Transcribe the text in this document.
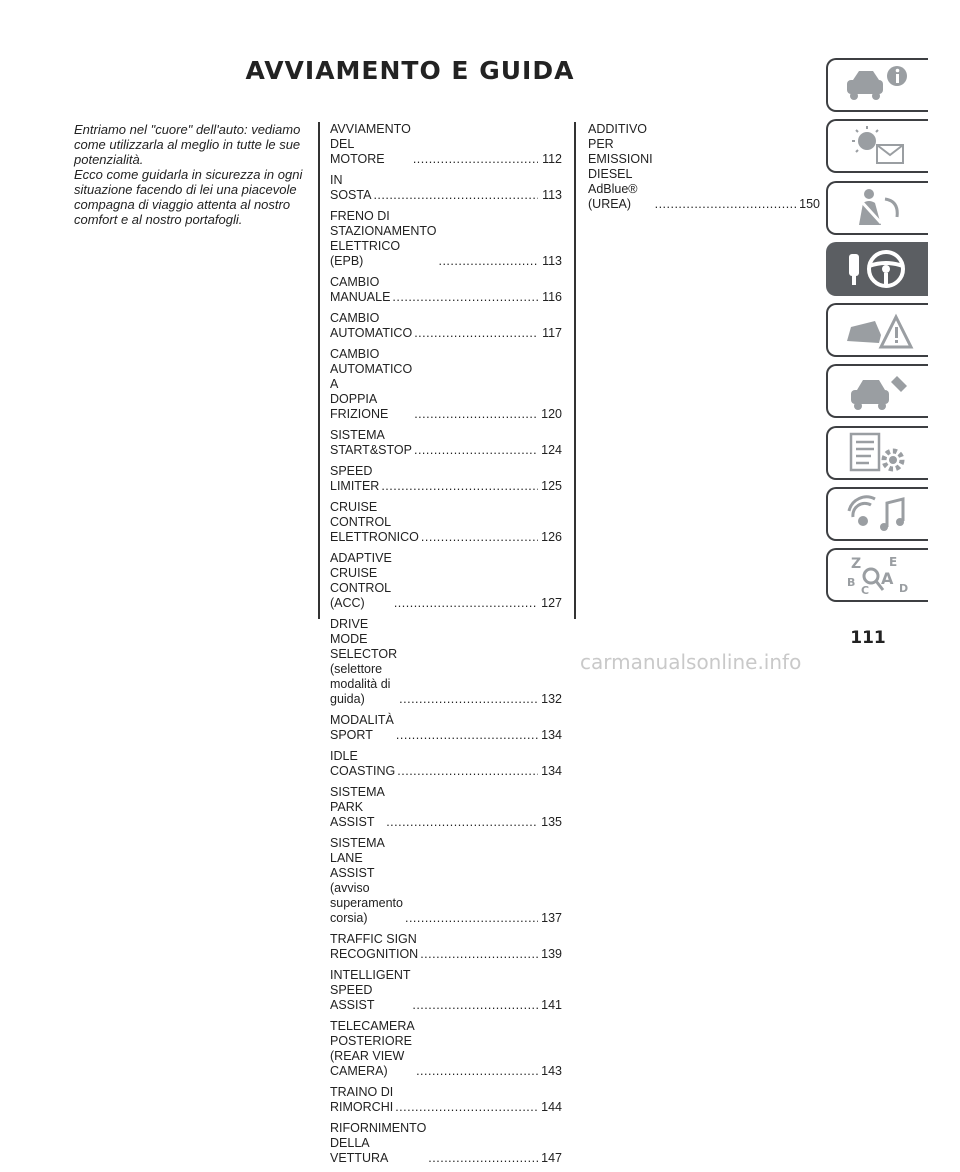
AVVIAMENTO E GUIDA

Entriamo nel "cuore" dell'auto: vediamo come utilizzarla al meglio in tutte le sue potenzialità.

Ecco come guidarla in sicurezza in ogni situazione facendo di lei una piacevole compagna di viaggio attenta al nostro comfort e al nostro portafogli.

AVVIAMENTO DEL MOTORE .....	112
IN SOSTA .....	113
FRENO DI STAZIONAMENTO
ELETTRICO (EPB) .....	113
CAMBIO MANUALE .....	116
CAMBIO AUTOMATICO .....	117
CAMBIO AUTOMATICO A
DOPPIA FRIZIONE .....	120
SISTEMA START&STOP .....	124
SPEED LIMITER .....	125
CRUISE CONTROL
ELETTRONICO .....	126
ADAPTIVE CRUISE CONTROL
(ACC) .....	127
DRIVE MODE SELECTOR
(selettore modalità di guida) .....	132
MODALITÀ SPORT .....	134
IDLE COASTING .....	134
SISTEMA PARK ASSIST .....	135
SISTEMA LANE ASSIST (avviso
superamento corsia) .....	137
TRAFFIC SIGN RECOGNITION .....	139
INTELLIGENT SPEED ASSIST .....	141
TELECAMERA POSTERIORE
(REAR VIEW CAMERA) .....	143
TRAINO DI RIMORCHI .....	144
RIFORNIMENTO DELLA
VETTURA .....	147
ADDITIVO PER EMISSIONI
DIESEL AdBlue® (UREA) .....	150
Z E
B A
C	D
111
carmanualsonline.info
